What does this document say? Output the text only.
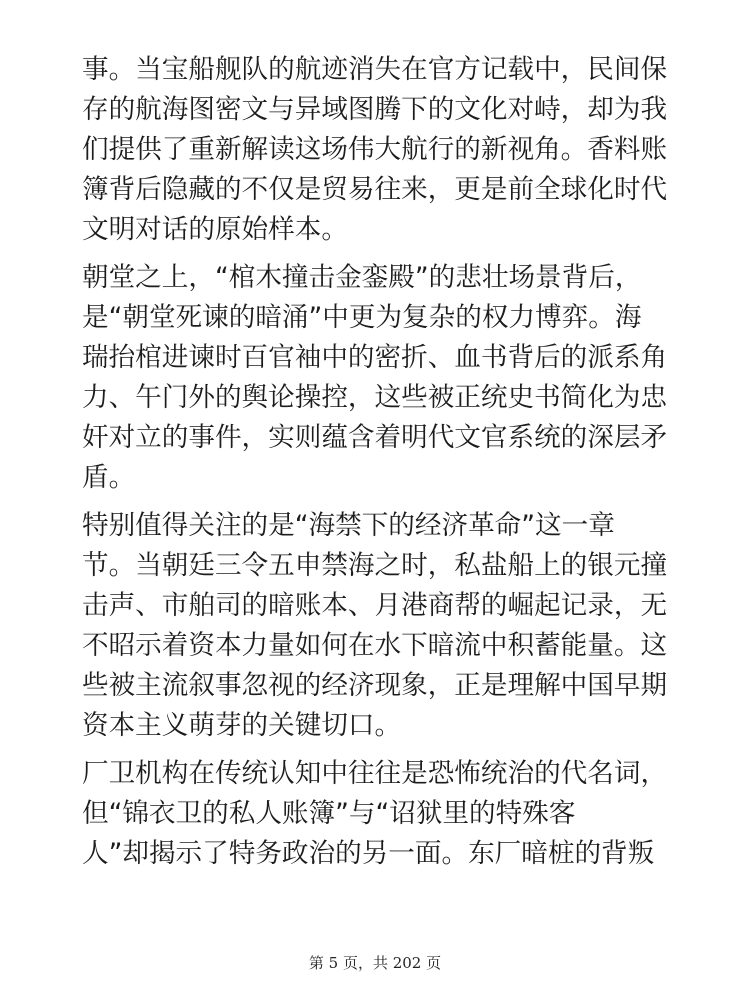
事。当宝船舰队的航迹消失在官方记载中，民间保
存的航海图密文与异域图腾下的文化对峙，却为我
们提供了重新解读这场伟大航行的新视角。香料账
簿背后隐藏的不仅是贸易往来，更是前全球化时代
文明对话的原始样本。

朝堂之上，“棺木撞击金銮殿”的悲壮场景背后，
是“朝堂死谏的暗涌”中更为复杂的权力博弈。海
瑞抬棺进谏时百官袖中的密折、血书背后的派系角
力、午门外的舆论操控，这些被正统史书简化为忠
奸对立的事件，实则蕴含着明代文官系统的深层矛
盾。

特别值得关注的是“海禁下的经济革命”这一章
节。当朝廷三令五申禁海之时，私盐船上的银元撞
击声、市舶司的暗账本、月港商帮的崛起记录，无
不昭示着资本力量如何在水下暗流中积蓄能量。这
些被主流叙事忽视的经济现象，正是理解中国早期
资本主义萌芽的关键切口。

厂卫机构在传统认知中往往是恐怖统治的代名词，
但“锦衣卫的私人账簿”与“诏狱里的特殊客
人”却揭示了特务政治的另一面。东厂暗桩的背叛

第 5 页，共 202 页
